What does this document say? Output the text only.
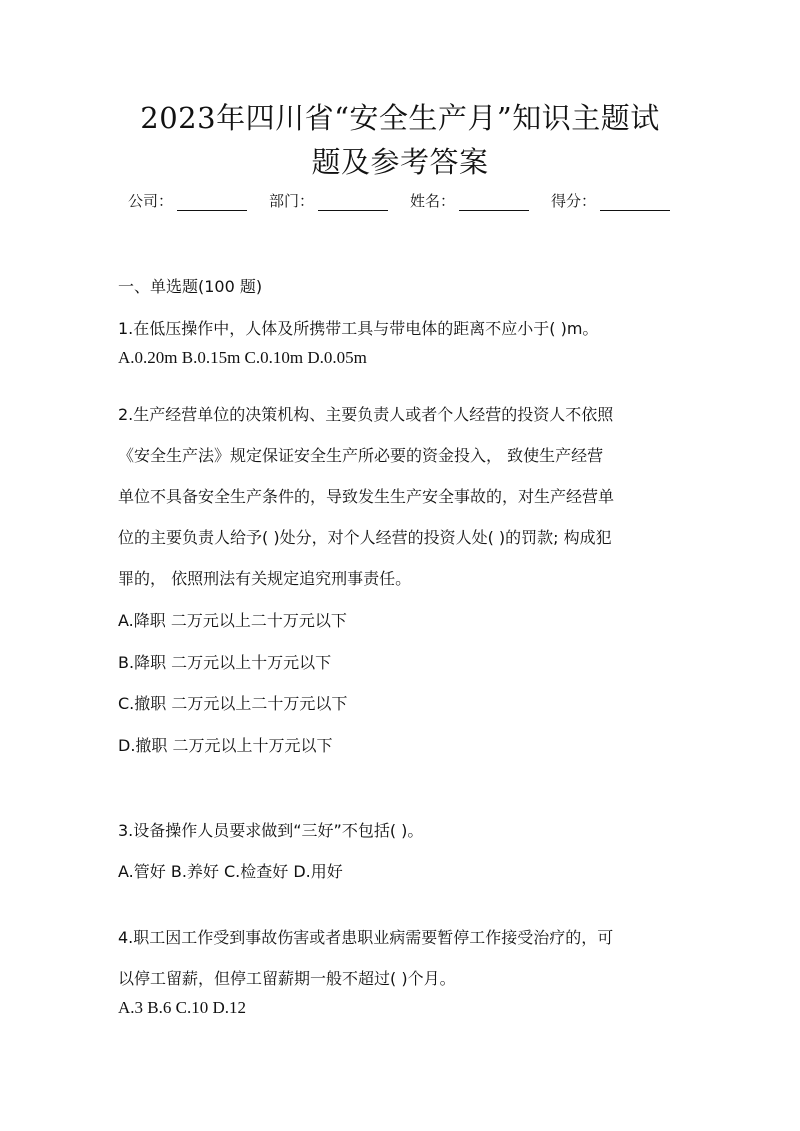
2023年四川省“安全生产月”知识主题试
题及参考答案
公司：	部门：	姓名：	得分：
一、单选题(100 题)
1.在低压操作中，人体及所携带工具与带电体的距离不应小于( )m。
A.0.20m B.0.15m C.0.10m D.0.05m
2.生产经营单位的决策机构、主要负责人或者个人经营的投资人不依照
《安全生产法》规定保证安全生产所必要的资金投入， 致使生产经营
单位不具备安全生产条件的，导致发生生产安全事故的，对生产经营单
位的主要负责人给予( )处分，对个人经营的投资人处( )的罚款; 构成犯
罪的， 依照刑法有关规定追究刑事责任。
A.降职 二万元以上二十万元以下
B.降职 二万元以上十万元以下
C.撤职 二万元以上二十万元以下
D.撤职 二万元以上十万元以下
3.设备操作人员要求做到“三好”不包括( )。
A.管好 B.养好 C.检查好 D.用好
4.职工因工作受到事故伤害或者患职业病需要暂停工作接受治疗的，可
以停工留薪，但停工留薪期一般不超过( )个月。
A.3 B.6 C.10 D.12
